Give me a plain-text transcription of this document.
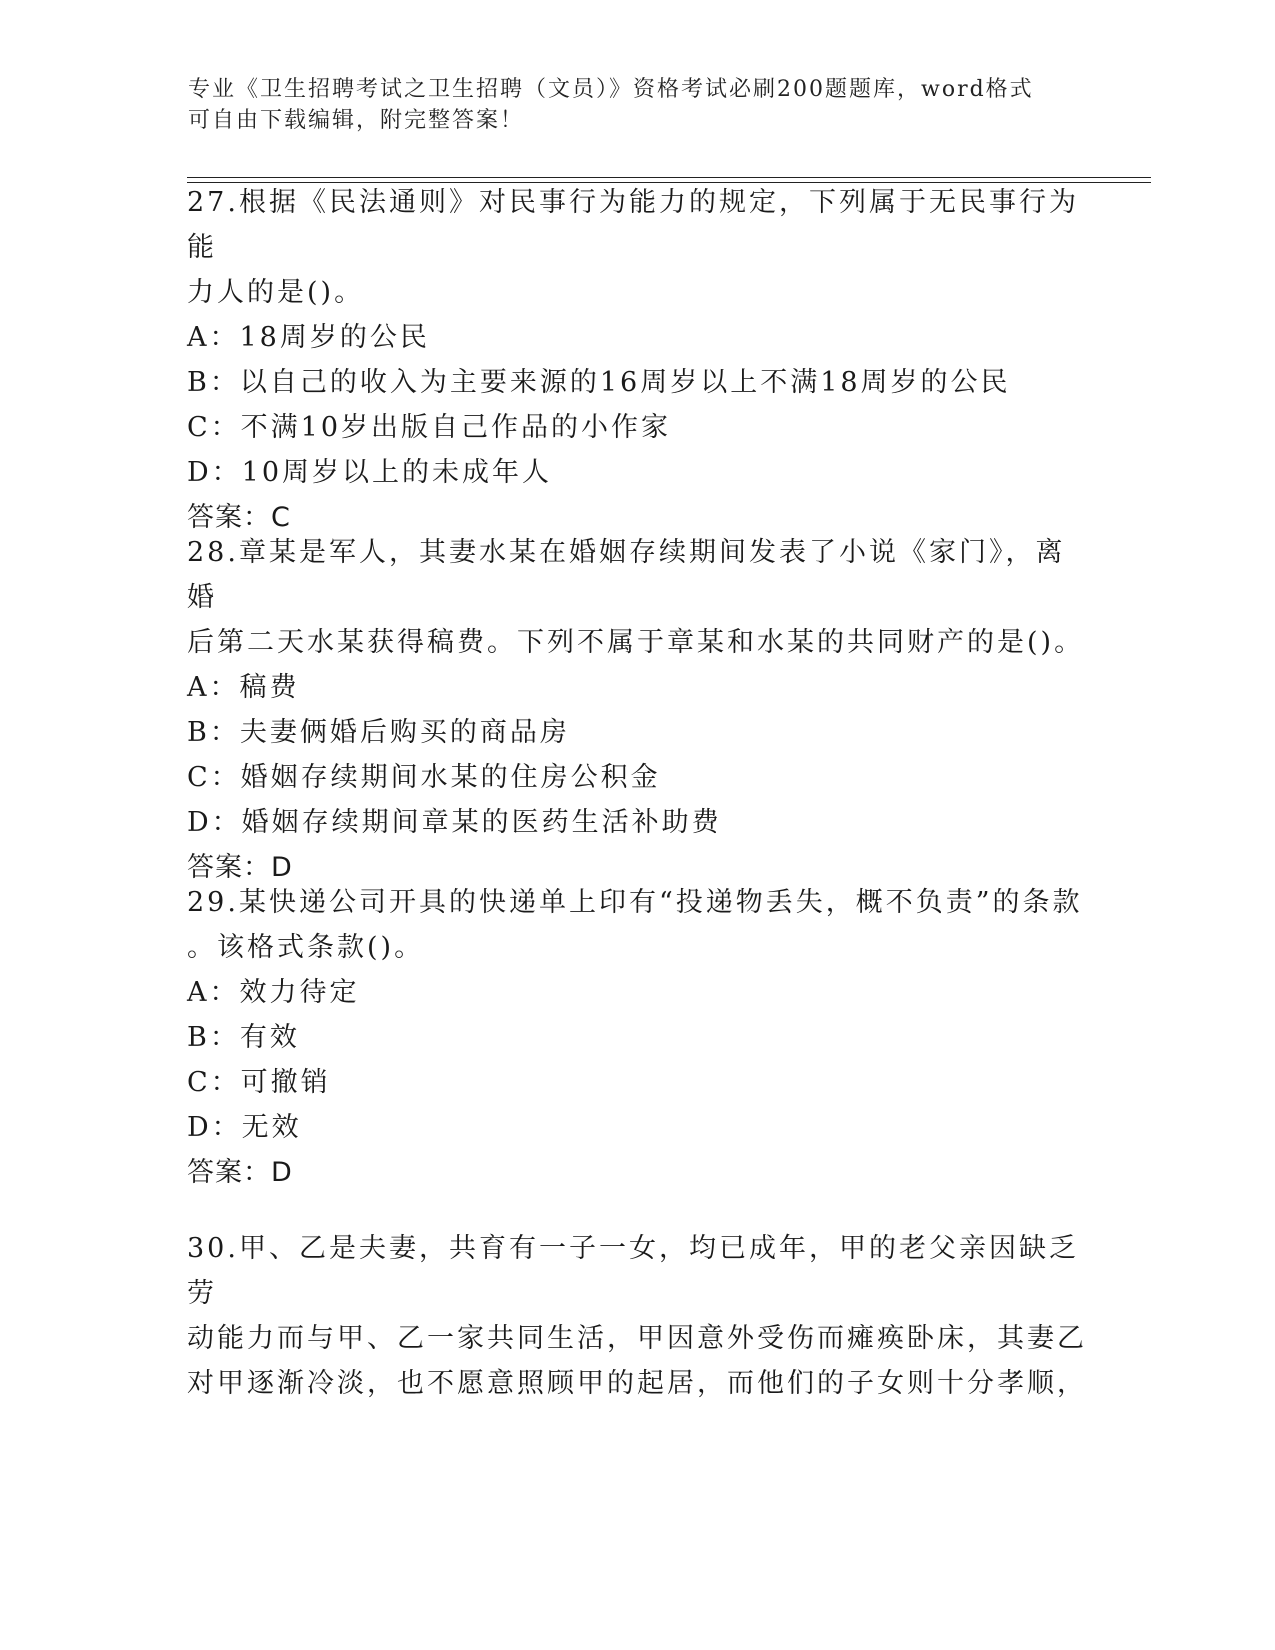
专业《卫生招聘考试之卫生招聘（文员）》资格考试必刷200题题库，word格式
可自由下载编辑，附完整答案！

27.根据《民法通则》对民事行为能力的规定，下列属于无民事行为能

力人的是()。

A：18周岁的公民

B：以自己的收入为主要来源的16周岁以上不满18周岁的公民

C：不满10岁出版自己作品的小作家

D：10周岁以上的未成年人

答案：C

28.章某是军人，其妻水某在婚姻存续期间发表了小说《家门》，离婚

后第二天水某获得稿费。下列不属于章某和水某的共同财产的是()。

A：稿费

B：夫妻俩婚后购买的商品房

C：婚姻存续期间水某的住房公积金

D：婚姻存续期间章某的医药生活补助费

答案：D

29.某快递公司开具的快递单上印有“投递物丢失，概不负责”的条款

。该格式条款()。

A：效力待定

B：有效

C：可撤销

D：无效

答案：D

30.甲、乙是夫妻，共育有一子一女，均已成年，甲的老父亲因缺乏劳

动能力而与甲、乙一家共同生活，甲因意外受伤而瘫痪卧床，其妻乙

对甲逐渐冷淡，也不愿意照顾甲的起居，而他们的子女则十分孝顺，
